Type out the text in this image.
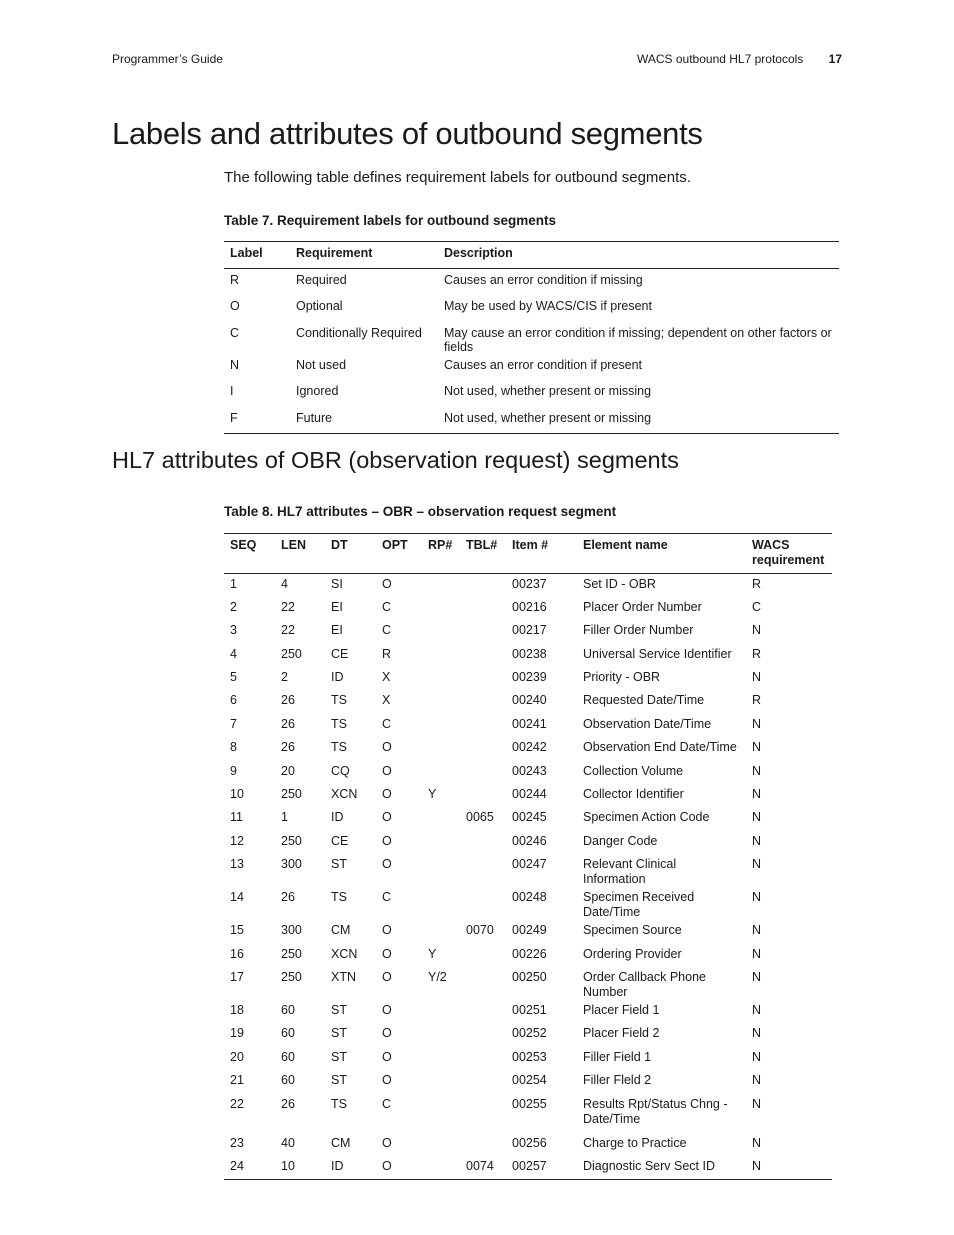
Programmer’s Guide	WACS outbound HL7 protocols 17
Labels and attributes of outbound segments

The following table defines requirement labels for outbound segments.

Table 7. Requirement labels for outbound segments

Label	Requirement	Description
R	Required	Causes an error condition if missing
O	Optional	May be used by WACS/CIS if present
C	Conditionally Required	May cause an error condition if missing; dependent on other factors or fields
N	Not used	Causes an error condition if present
I	Ignored	Not used, whether present or missing
F	Future	Not used, whether present or missing
HL7 attributes of OBR (observation request) segments

Table 8. HL7 attributes – OBR – observation request segment

SEQ	LEN	DT	OPT	RP#	TBL#	Item #	Element name	WACS requirement
1	4	SI	O			00237	Set ID - OBR	R
2	22	EI	C			00216	Placer Order Number	C
3	22	EI	C			00217	Filler Order Number	N
4	250	CE	R			00238	Universal Service Identifier	R
5	2	ID	X			00239	Priority - OBR	N
6	26	TS	X			00240	Requested Date/Time	R
7	26	TS	C			00241	Observation Date/Time	N
8	26	TS	O			00242	Observation End Date/Time	N
9	20	CQ	O			00243	Collection Volume	N
10	250	XCN	O	Y		00244	Collector Identifier	N
11	1	ID	O		0065	00245	Specimen Action Code	N
12	250	CE	O			00246	Danger Code	N
13	300	ST	O			00247	Relevant Clinical Information	N
14	26	TS	C			00248	Specimen Received Date/Time	N
15	300	CM	O		0070	00249	Specimen Source	N
16	250	XCN	O	Y		00226	Ordering Provider	N
17	250	XTN	O	Y/2		00250	Order Callback Phone Number	N
18	60	ST	O			00251	Placer Field 1	N
19	60	ST	O			00252	Placer Field 2	N
20	60	ST	O			00253	Filler Field 1	N
21	60	ST	O			00254	Filler Fleld 2	N
22	26	TS	C			00255	Results Rpt/Status Chng - Date/Time	N
23	40	CM	O			00256	Charge to Practice	N
24	10	ID	O		0074	00257	Diagnostic Serv Sect ID	N
